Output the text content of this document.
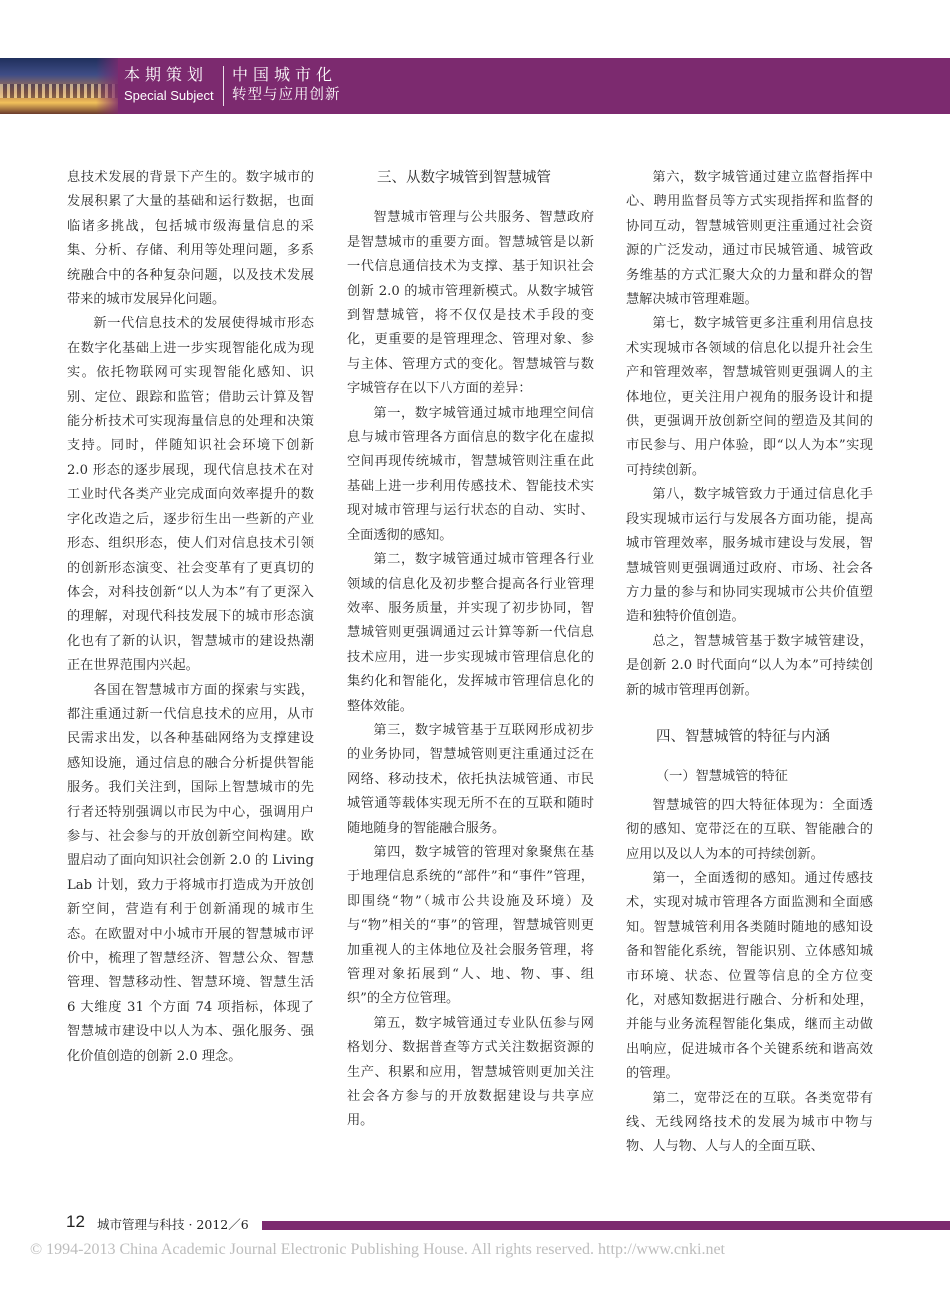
本期策划
Special Subject
中国城市化
转型与应用创新

息技术发展的背景下产生的。数字城市的发展积累了大量的基础和运行数据，也面临诸多挑战，包括城市级海量信息的采集、分析、存储、利用等处理问题，多系统融合中的各种复杂问题，以及技术发展带来的城市发展异化问题。

新一代信息技术的发展使得城市形态在数字化基础上进一步实现智能化成为现实。依托物联网可实现智能化感知、识别、定位、跟踪和监管；借助云计算及智能分析技术可实现海量信息的处理和决策支持。同时，伴随知识社会环境下创新 2.0 形态的逐步展现，现代信息技术在对工业时代各类产业完成面向效率提升的数字化改造之后，逐步衍生出一些新的产业形态、组织形态，使人们对信息技术引领的创新形态演变、社会变革有了更真切的体会，对科技创新“以人为本”有了更深入的理解，对现代科技发展下的城市形态演化也有了新的认识，智慧城市的建设热潮正在世界范围内兴起。

各国在智慧城市方面的探索与实践，都注重通过新一代信息技术的应用，从市民需求出发，以各种基础网络为支撑建设感知设施，通过信息的融合分析提供智能服务。我们关注到，国际上智慧城市的先行者还特别强调以市民为中心，强调用户参与、社会参与的开放创新空间构建。欧盟启动了面向知识社会创新 2.0 的 Living Lab 计划，致力于将城市打造成为开放创新空间，营造有利于创新涌现的城市生态。在欧盟对中小城市开展的智慧城市评价中，梳理了智慧经济、智慧公众、智慧管理、智慧移动性、智慧环境、智慧生活 6 大维度 31 个方面 74 项指标，体现了智慧城市建设中以人为本、强化服务、强化价值创造的创新 2.0 理念。

三、从数字城管到智慧城管

智慧城市管理与公共服务、智慧政府是智慧城市的重要方面。智慧城管是以新一代信息通信技术为支撑、基于知识社会创新 2.0 的城市管理新模式。从数字城管到智慧城管，将不仅仅是技术手段的变化，更重要的是管理理念、管理对象、参与主体、管理方式的变化。智慧城管与数字城管存在以下八方面的差异：

第一，数字城管通过城市地理空间信息与城市管理各方面信息的数字化在虚拟空间再现传统城市，智慧城管则注重在此基础上进一步利用传感技术、智能技术实现对城市管理与运行状态的自动、实时、全面透彻的感知。

第二，数字城管通过城市管理各行业领域的信息化及初步整合提高各行业管理效率、服务质量，并实现了初步协同，智慧城管则更强调通过云计算等新一代信息技术应用，进一步实现城市管理信息化的集约化和智能化，发挥城市管理信息化的整体效能。

第三，数字城管基于互联网形成初步的业务协同，智慧城管则更注重通过泛在网络、移动技术，依托执法城管通、市民城管通等载体实现无所不在的互联和随时随地随身的智能融合服务。

第四，数字城管的管理对象聚焦在基于地理信息系统的“部件”和“事件”管理，即围绕“物”（城市公共设施及环境）及与“物”相关的“事”的管理，智慧城管则更加重视人的主体地位及社会服务管理，将管理对象拓展到“人、地、物、事、组织”的全方位管理。

第五，数字城管通过专业队伍参与网格划分、数据普查等方式关注数据资源的生产、积累和应用，智慧城管则更加关注社会各方参与的开放数据建设与共享应用。

第六，数字城管通过建立监督指挥中心、聘用监督员等方式实现指挥和监督的协同互动，智慧城管则更注重通过社会资源的广泛发动，通过市民城管通、城管政务维基的方式汇聚大众的力量和群众的智慧解决城市管理难题。

第七，数字城管更多注重利用信息技术实现城市各领域的信息化以提升社会生产和管理效率，智慧城管则更强调人的主体地位，更关注用户视角的服务设计和提供，更强调开放创新空间的塑造及其间的市民参与、用户体验，即“以人为本”实现可持续创新。

第八，数字城管致力于通过信息化手段实现城市运行与发展各方面功能，提高城市管理效率，服务城市建设与发展，智慧城管则更强调通过政府、市场、社会各方力量的参与和协同实现城市公共价值塑造和独特价值创造。

总之，智慧城管基于数字城管建设，是创新 2.0 时代面向“以人为本”可持续创新的城市管理再创新。

四、智慧城管的特征与内涵
（一）智慧城管的特征

智慧城管的四大特征体现为：全面透彻的感知、宽带泛在的互联、智能融合的应用以及以人为本的可持续创新。

第一，全面透彻的感知。通过传感技术，实现对城市管理各方面监测和全面感知。智慧城管利用各类随时随地的感知设备和智能化系统，智能识别、立体感知城市环境、状态、位置等信息的全方位变化，对感知数据进行融合、分析和处理，并能与业务流程智能化集成，继而主动做出响应，促进城市各个关键系统和谐高效的管理。

第二，宽带泛在的互联。各类宽带有线、无线网络技术的发展为城市中物与物、人与物、人与人的全面互联、

12 城市管理与科技 · 2012／6
© 1994-2013 China Academic Journal Electronic Publishing House. All rights reserved. http://www.cnki.net
